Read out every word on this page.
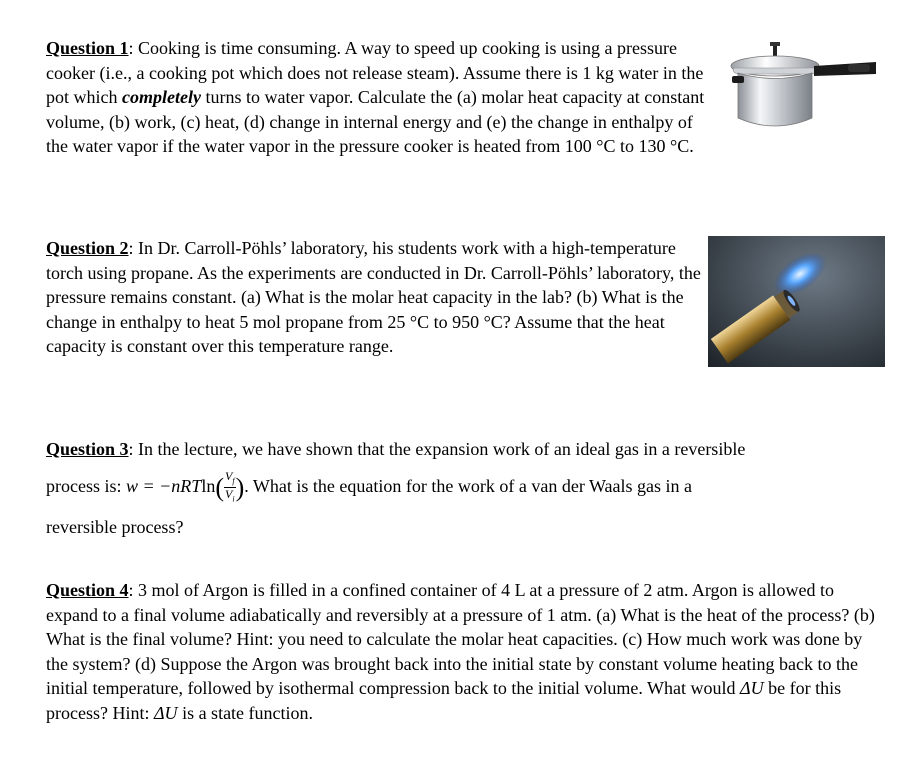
Question 1: Cooking is time consuming. A way to speed up cooking is using a pressure cooker (i.e., a cooking pot which does not release steam). Assume there is 1 kg water in the pot which completely turns to water vapor. Calculate the (a) molar heat capacity at constant volume, (b) work, (c) heat, (d) change in internal energy and (e) the change in enthalpy of the water vapor if the water vapor in the pressure cooker is heated from 100 °C to 130 °C.
Question 2: In Dr. Carroll-Pöhls’ laboratory, his students work with a high-temperature torch using propane. As the experiments are conducted in Dr. Carroll-Pöhls’ laboratory, the pressure remains constant. (a) What is the molar heat capacity in the lab? (b) What is the change in enthalpy to heat 5 mol propane from 25 °C to 950 °C? Assume that the heat capacity is constant over this temperature range.
Question 3: In the lecture, we have shown that the expansion work of an ideal gas in a reversible
process is: $w = -nRTln( \frac{V_f}{V_i}$ ). What is the equation for the work of a van der Waals gas in a
reversible process?
Question 4: 3 mol of Argon is filled in a confined container of 4 L at a pressure of 2 atm. Argon is allowed to expand to a final volume adiabatically and reversibly at a pressure of 1 atm. (a) What is the heat of the process? (b) What is the final volume? Hint: you need to calculate the molar heat capacities. (c) How much work was done by the system? (d) Suppose the Argon was brought back into the initial state by constant volume heating back to the initial temperature, followed by isothermal compression back to the initial volume. What would ΔU be for this process? Hint: ΔU is a state function.
